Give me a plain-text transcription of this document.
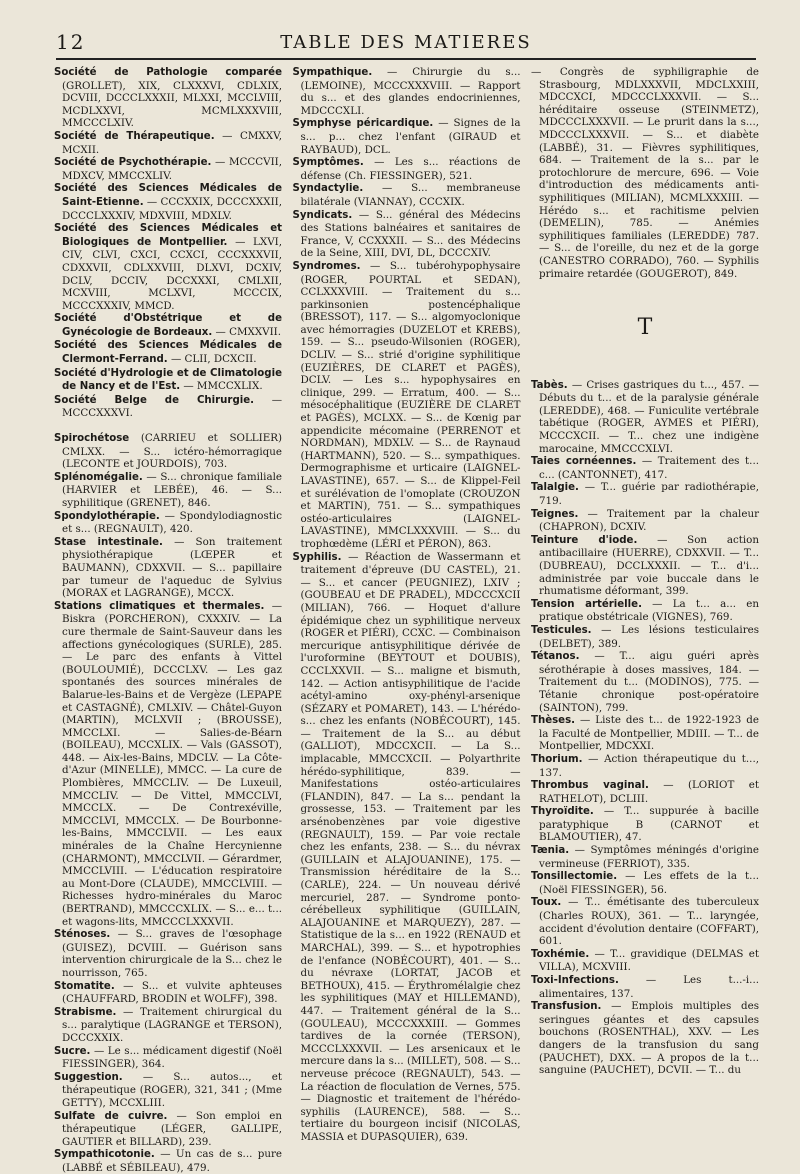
12	TABLE DES MATIERES

Société de Pathologie comparée (GROLLET), XIX, CLXXXVI, CDLXIX, DCVIII, DCCCLXXXII, MLXXI, MCCLVIII, MCDLXXVI, MCMLXXXVIII, MMCCCLXIV.

Société de Thérapeutique. — CMXXV, MCXII.

Société de Psychothérapie. — MCCCVII, MDXCV, MMCCXLIV.

Société des Sciences Médicales de Saint-Etienne. — CCCXXIX, DCCCXXXII, DCCCLXXXIV, MDXVIII, MDXLV.

Société des Sciences Médicales et Biologiques de Montpellier. — LXVI, CIV, CLVI, CXCI, CCXCI, CCCXXXVII, CDXXVII, CDLXXVIII, DLXVI, DCXIV, DCLV, DCCIV, DCCXXXI, CMLXII, MCXVIII, MCLXVI, MCCCIX, MCCCXXXIV, MMCD.

Société d'Obstétrique et de Gynécologie de Bordeaux. — CMXXVII.

Société des Sciences Médicales de Clermont-Ferrand. — CLII, DCXCII.

Société d'Hydrologie et de Climatologie de Nancy et de l'Est. — MMCCXLIX.

Société Belge de Chirurgie. — MCCCXXXVI.

Spirochétose (CARRIEU et SOLLIER) CMLXX. — S... ictéro-hémorragique (LECONTE et JOURDOIS), 703.

Splénomégalie. — S... chronique familiale (HARVIER et LEBÉE), 46. — S... syphilitique (GRENET), 846.

Spondylothérapie. — Spondylodiagnostic et s... (REGNAULT), 420.

Stase intestinale. — Son traitement physiothérapique (LŒPER et BAUMANN), CDXXVII. — S... papillaire par tumeur de l'aqueduc de Sylvius (MORAX et LAGRANGE), MCCX.

Stations climatiques et thermales. — Biskra (PORCHERON), CXXXIV. — La cure thermale de Saint-Sauveur dans les affections gynécologiques (SURLE), 285. — Le parc des enfants à Vittel (BOULOUMIÉ), DCCCLXV. — Les gaz spontanés des sources minérales de Balarue-les-Bains et de Vergèze (LEPAPE et CASTAGNÉ), CMLXIV. — Châtel-Guyon (MARTIN), MCLXVII ; (BROUSSE), MMCCLXI. — Salies-de-Béarn (BOILEAU), MCCXLIX. — Vals (GASSOT), 448. — Aix-les-Bains, MDCLV. — La Côte-d'Azur (MINELLE), MMCC. — La cure de Plombières, MMCCLIV. — De Luxeuil, MMCCLIV. — De Vittel, MMCCLVI, MMCCLX. — De Contrexéville, MMCCLVI, MMCCLX. — De Bourbonne-les-Bains, MMCCLVII. — Les eaux minérales de la Chaîne Hercynienne (CHARMONT), MMCCLVII. — Gérardmer, MMCCLVIII. — L'éducation respiratoire au Mont-Dore (CLAUDE), MMCCLVIII. — Richesses hydro-minérales du Maroc (BERTRAND), MMCCCXLIX. — S... e... t... et wagons-lits, MMCCCLXXXVII.

Sténoses. — S... graves de l'œsophage (GUISEZ), DCVIII. — Guérison sans intervention chirurgicale de la S... chez le nourrisson, 765.

Stomatite. — S... et vulvite aphteuses (CHAUFFARD, BRODIN et WOLFF), 398.

Strabisme. — Traitement chirurgical du s... paralytique (LAGRANGE et TERSON), DCCCXXIX.

Sucre. — Le s... médicament digestif (Noël FIESSINGER), 364.

Suggestion. — S... autos..., et thérapeutique (ROGER), 321, 341 ; (Mme GETTY), MCCXLIII.

Sulfate de cuivre. — Son emploi en thérapeutique (LÉGER, GALLIPE, GAUTIER et BILLARD), 239.

Sympathicotonie. — Un cas de s... pure (LABBÉ et SÉBILEAU), 479.

Sympathique. — Chirurgie du s... (LEMOINE), MCCCXXXVIII. — Rapport du s... et des glandes endocriniennes, MDCCCXLI.

Symphyse péricardique. — Signes de la s... p... chez l'enfant (GIRAUD et RAYBAUD), DCL.

Symptômes. — Les s... réactions de défense (Ch. FIESSINGER), 521.

Syndactylie. — S... membraneuse bilatérale (VIANNAY), CCCXIX.

Syndicats. — S... général des Médecins des Stations balnéaires et sanitaires de France, V, CCXXXII. — S... des Médecins de la Seine, XIII, DVI, DL, DCCCXIV.

Syndromes. — S... tubérohypophysaire (ROGER, POURTAL et SEDAN), CCLXXXVIII. — Traitement du s... parkinsonien postencéphalique (BRESSOT), 117. — S... algomyoclonique avec hémorragies (DUZELOT et KREBS), 159. — S... pseudo-Wilsonien (ROGER), DCLIV. — S... strié d'origine syphilitique (EUZIÈRES, DE CLARET et PAGÈS), DCLV. — Les s... hypophysaires en clinique, 299. — Erratum, 400. — S... mésocéphalitique (EUZIÈRE DE CLARET et PAGÈS), MCLXX. — S... de Kœnig par appendicite mécomaine (PERRENOT et NORDMAN), MDXLV. — S... de Raynaud (HARTMANN), 520. — S... sympathiques. Dermographisme et urticaire (LAIGNEL-LAVASTINE), 657. — S... de Klippel-Feil et surélévation de l'omoplate (CROUZON et MARTIN), 751. — S... sympathiques ostéo-articulaires (LAIGNEL-LAVASTINE), MMCLXXXVIII. — S... du trophœdème (LÉRI et PÉRON), 863.

Syphilis. — Réaction de Wassermann et traitement d'épreuve (DU CASTEL), 21. — S... et cancer (PEUGNIEZ), LXIV ; (GOUBEAU et DE PRADEL), MDCCCXCII (MILIAN), 766. — Hoquet d'allure épidémique chez un syphilitique nerveux (ROGER et PIÉRI), CCXC. — Combinaison mercurique antisyphilitique dérivée de l'uroformine (BEYTOUT et DOUBIS), CCCLXXVII. — S... maligne et bismuth, 142. — Action antisyphilitique de l'acide acétyl-amino oxy-phényl-arsenique (SÉZARY et POMARET), 143. — L'hérédo-s... chez les enfants (NOBÉCOURT), 145. — Traitement de la S... au début (GALLIOT), MDCCXCII. — La S... implacable, MMCCXCII. — Polyarthrite hérédo-syphilitique, 839. — Manifestations ostéo-articulaires (FLANDIN), 847. — La s... pendant la grossesse, 153. — Traitement par les arsénobenzènes par voie digestive (REGNAULT), 159. — Par voie rectale chez les enfants, 238. — S... du névrax (GUILLAIN et ALAJOUANINE), 175. — Transmission héréditaire de la S... (CARLE), 224. — Un nouveau dérivé mercuriel, 287. — Syndrome ponto-cérébelleux syphilitique (GUILLAIN, ALAJOUANINE et MARQUEZY), 287. — Statistique de la s... en 1922 (RENAUD et MARCHAL), 399. — S... et hypotrophies de l'enfance (NOBÉCOURT), 401. — S... du névraxe (LORTAT, JACOB et BETHOUX), 415. — Érythromélalgie chez les syphilitiques (MAY et HILLEMAND), 447. — Traitement général de la S... (GOULEAU), MCCCXXXIII. — Gommes tardives de la cornée (TERSON), MCCCLXXXVII. — Les arsenicaux et le mercure dans la s... (MILLET), 508. — S... nerveuse précoce (REGNAULT), 543. — La réaction de floculation de Vernes, 575. — Diagnostic et traitement de l'hérédo-syphilis (LAURENCE), 588. — S... tertiaire du bourgeon incisif (NICOLAS, MASSIA et DUPASQUIER), 639.

— Congrès de syphiligraphie de Strasbourg, MDLXXXVII, MDCLXXIII, MDCCXCI, MDCCCLXXXVII. — S... héréditaire osseuse (STEINMETZ), MDCCCLXXXVII. — Le prurit dans la s..., MDCCCLXXXVII. — S... et diabète (LABBÉ), 31. — Fièvres syphilitiques, 684. — Traitement de la s... par le protochlorure de mercure, 696. — Voie d'introduction des médicaments anti-syphilitiques (MILIAN), MCMLXXXIII. — Hérédo s... et rachitisme pelvien (DEMELIN), 785. — Anémies syphilitiques familiales (LEREDDE) 787. — S... de l'oreille, du nez et de la gorge (CANESTRO CORRADO), 760. — Syphilis primaire retardée (GOUGEROT), 849.

T

Tabès. — Crises gastriques du t..., 457. — Débuts du t... et de la paralysie générale (LEREDDE), 468. — Funiculite vertébrale tabétique (ROGER, AYMES et PIÉRI), MCCCXCII. — T... chez une indigène marocaine, MMCCCXLVI.

Taies cornéennes. — Traitement des t... c... (CANTONNET), 417.

Talalgie. — T... guérie par radiothérapie, 719.

Teignes. — Traitement par la chaleur (CHAPRON), DCXIV.

Teinture d'iode. — Son action antibacillaire (HUERRE), CDXXVII. — T... (DUBREAU), DCCLXXXII. — T... d'i... administrée par voie buccale dans le rhumatisme déformant, 399.

Tension artérielle. — La t... a... en pratique obstétricale (VIGNES), 769.

Testicules. — Les lésions testiculaires (DELBET), 389.

Tétanos. — T... aigu guéri après sérothérapie à doses massives, 184. — Traitement du t... (MODINOS), 775. — Tétanie chronique post-opératoire (SAINTON), 799.

Thèses. — Liste des t... de 1922-1923 de la Faculté de Montpellier, MDIII. — T... de Montpellier, MDCXXI.

Thorium. — Action thérapeutique du t..., 137.

Thrombus vaginal. — (LORIOT et RATHELOT), DCLIII.

Thyroïdite. — T... suppurée à bacille paratyphique B (CARNOT et BLAMOUTIER), 47.

Tænia. — Symptômes méningés d'origine vermineuse (FERRIOT), 335.

Tonsillectomie. — Les effets de la t... (Noël FIESSINGER), 56.

Toux. — T... émétisante des tuberculeux (Charles ROUX), 361. — T... laryngée, accident d'évolution dentaire (COFFART), 601.

Toxhémie. — T... gravidique (DELMAS et VILLA), MCXVIII.

Toxi-Infections. — Les t...-i... alimentaires, 137.

Transfusion. — Emplois multiples des seringues géantes et des capsules bouchons (ROSENTHAL), XXV. — Les dangers de la transfusion du sang (PAUCHET), DXX. — A propos de la t... sanguine (PAUCHET), DCVII. — T... du
